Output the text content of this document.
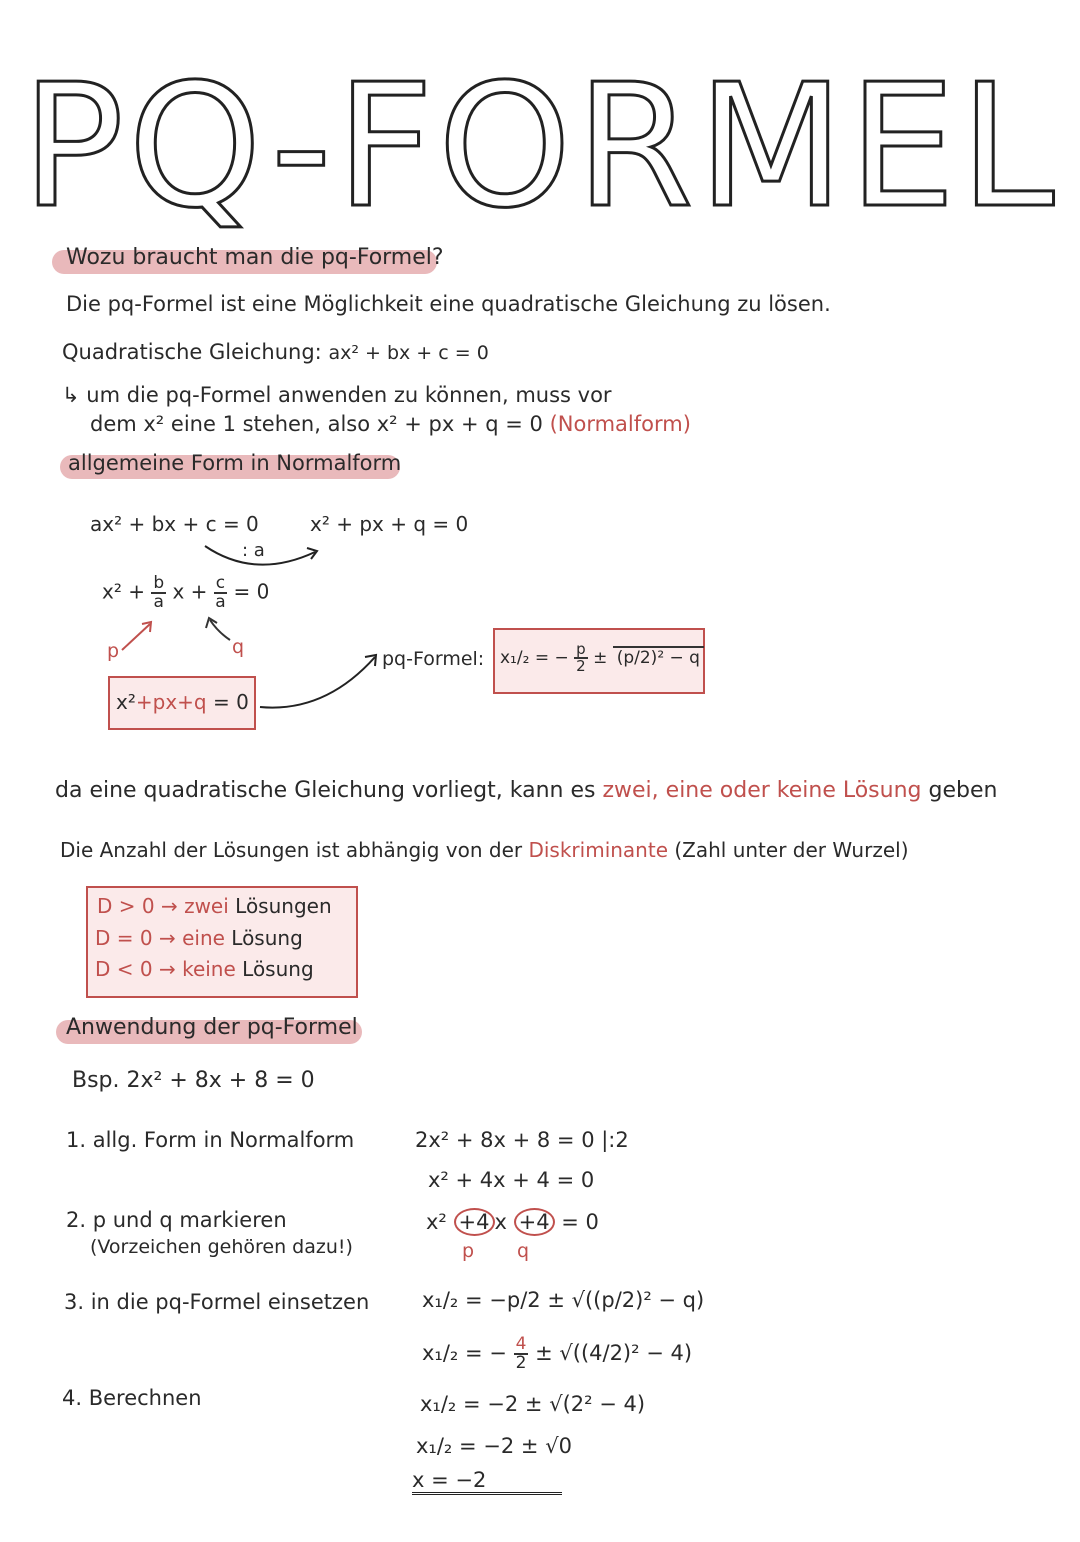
PQ-FORMEL
Wozu braucht man die pq-Formel?
Die pq-Formel ist eine Möglichkeit eine quadratische Gleichung zu lösen.
Quadratische Gleichung: ax² + bx + c = 0
↳ um die pq-Formel anwenden zu können, muss vor
dem x² eine 1 stehen, also x² + px + q = 0 (Normalform)
allgemeine Form in Normalform
ax² + bx + c = 0	x² + px + q = 0
: a
$x^2 + \frac{b}{a}$ $x + \frac{c}{a} = 0$
p	q
x²+px+q = 0
pq-Formel: x₁/₂ = − $\frac{p}{2} \pm (p/2)^2 - q$
da eine quadratische Gleichung vorliegt, kann es zwei, eine oder keine Lösung geben
Die Anzahl der Lösungen ist abhängig von der Diskriminante (Zahl unter der Wurzel)
D > 0 → zwei Lösungen
D = 0 → eine Lösung
D < 0 → keine Lösung
Anwendung der pq-Formel
Bsp. 2x² + 8x + 8 = 0
1. allg. Form in Normalform
2. p und q markieren
(Vorzeichen gehören dazu!)
3. in die pq-Formel einsetzen
4. Berechnen
2x² + 8x + 8 = 0 |:2
x² + 4x + 4 = 0
x² +4 x +4 = 0
p q
x₁/₂ = −p/2 ± √((p/2)² − q)
x₁/₂ = − $\frac{4}{2} \pm √((4/2)^2 - 4)$
x₁/₂ = −2 ± √(2² − 4)
x₁/₂ = −2 ± √0
x = −2
